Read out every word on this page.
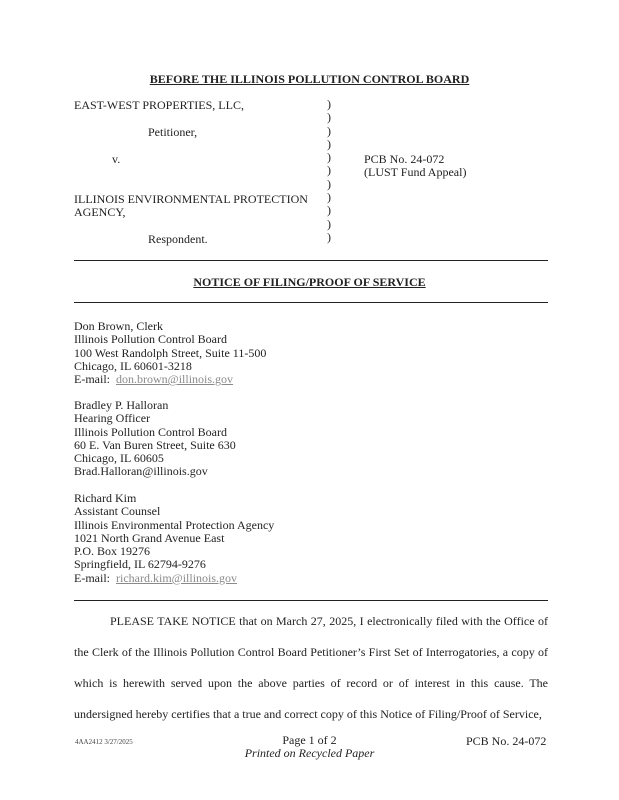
BEFORE THE ILLINOIS POLLUTION CONTROL BOARD
EAST-WEST PROPERTIES, LLC,
Petitioner,
v.
ILLINOIS ENVIRONMENTAL PROTECTION
AGENCY,
Respondent.
)
)
)
)
)
)
)
)
)
)
)
PCB No. 24-072
(LUST Fund Appeal)
NOTICE OF FILING/PROOF OF SERVICE
Don Brown, Clerk
Illinois Pollution Control Board
100 West Randolph Street, Suite 11-500
Chicago, IL 60601-3218
E-mail: don.brown@illinois.gov
Bradley P. Halloran
Hearing Officer
Illinois Pollution Control Board
60 E. Van Buren Street, Suite 630
Chicago, IL 60605
Brad.Halloran@illinois.gov
Richard Kim
Assistant Counsel
Illinois Environmental Protection Agency
1021 North Grand Avenue East
P.O. Box 19276
Springfield, IL 62794-9276
E-mail: richard.kim@illinois.gov
PLEASE TAKE NOTICE that on March 27, 2025, I electronically filed with the Office of the Clerk of the Illinois Pollution Control Board Petitioner’s First Set of Interrogatories, a copy of which is herewith served upon the above parties of record or of interest in this cause. The undersigned hereby certifies that a true and correct copy of this Notice of Filing/Proof of Service,
4AA2412 3/27/2025	Page 1 of 2
Printed on Recycled Paper
PCB No. 24-072
